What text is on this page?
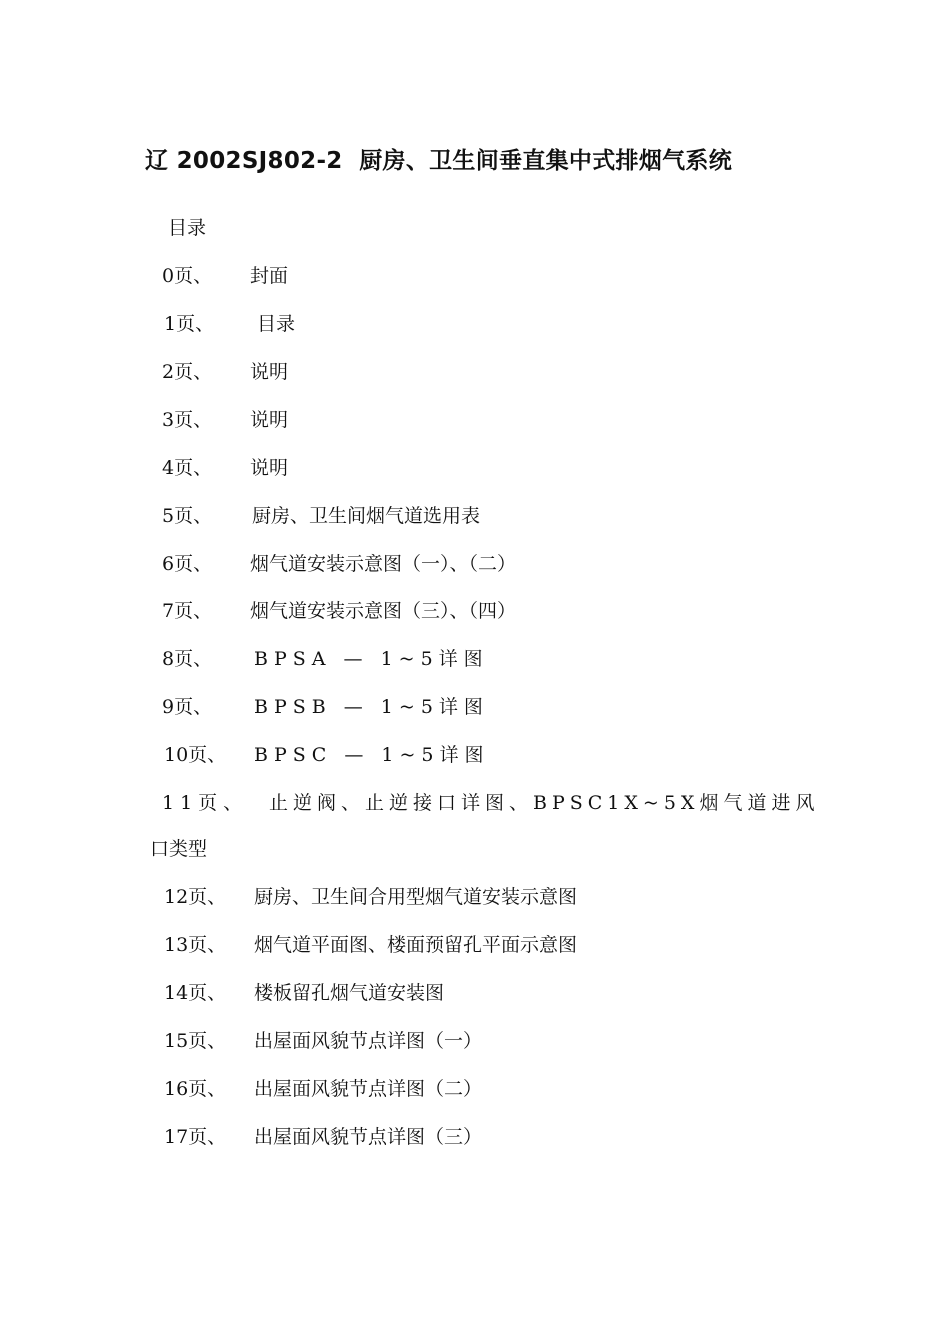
辽 2002SJ802-2  厨房、卫生间垂直集中式排烟气系统
目录
0页、 封面
1页、 目录
2页、 说明
3页、 说明
4页、 说明
5页、 厨房、卫生间烟气道选用表
6页、 烟气道安装示意图（一）、（二）
7页、 烟气道安装示意图（三）、（四）
8页、 BPSA — 1~5详图
9页、 BPSB — 1~5详图
10页、 BPSC — 1~5详图
11页、 止逆阀、止逆接口详图、BPSC1X~5X烟气道进风
口类型
12页、 厨房、卫生间合用型烟气道安装示意图
13页、 烟气道平面图、楼面预留孔平面示意图
14页、 楼板留孔烟气道安装图
15页、 出屋面风貌节点详图（一）
16页、 出屋面风貌节点详图（二）
17页、 出屋面风貌节点详图（三）
